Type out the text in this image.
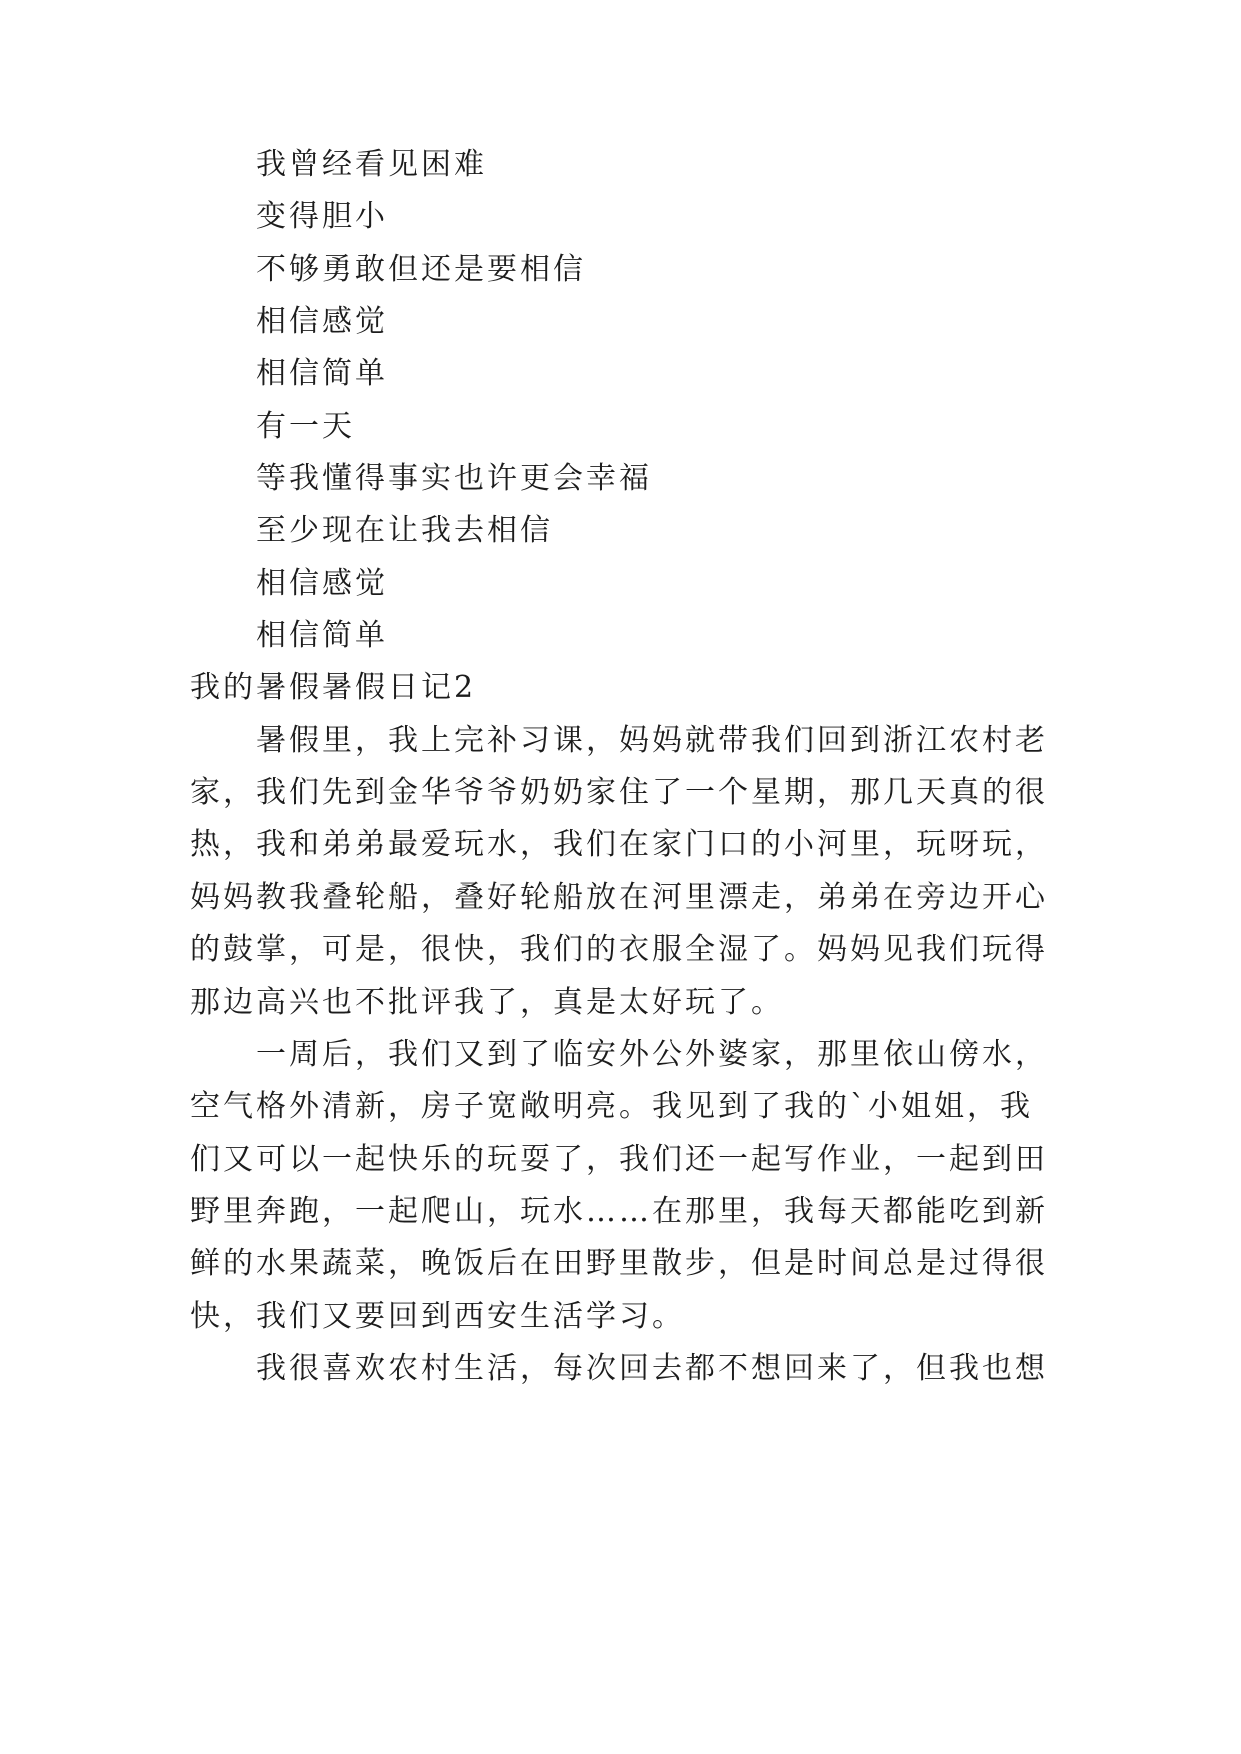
我曾经看见困难
变得胆小
不够勇敢但还是要相信
相信感觉
相信简单
有一天
等我懂得事实也许更会幸福
至少现在让我去相信
相信感觉
相信简单
我的暑假暑假日记2
暑假里，我上完补习课，妈妈就带我们回到浙江农村老
家，我们先到金华爷爷奶奶家住了一个星期，那几天真的很
热，我和弟弟最爱玩水，我们在家门口的小河里，玩呀玩，
妈妈教我叠轮船，叠好轮船放在河里漂走，弟弟在旁边开心
的鼓掌，可是，很快，我们的衣服全湿了。妈妈见我们玩得
那边高兴也不批评我了，真是太好玩了。
一周后，我们又到了临安外公外婆家，那里依山傍水，
空气格外清新，房子宽敞明亮。我见到了我的`小姐姐，我
们又可以一起快乐的玩耍了，我们还一起写作业，一起到田
野里奔跑，一起爬山，玩水……在那里，我每天都能吃到新
鲜的水果蔬菜，晚饭后在田野里散步，但是时间总是过得很
快，我们又要回到西安生活学习。
我很喜欢农村生活，每次回去都不想回来了，但我也想
